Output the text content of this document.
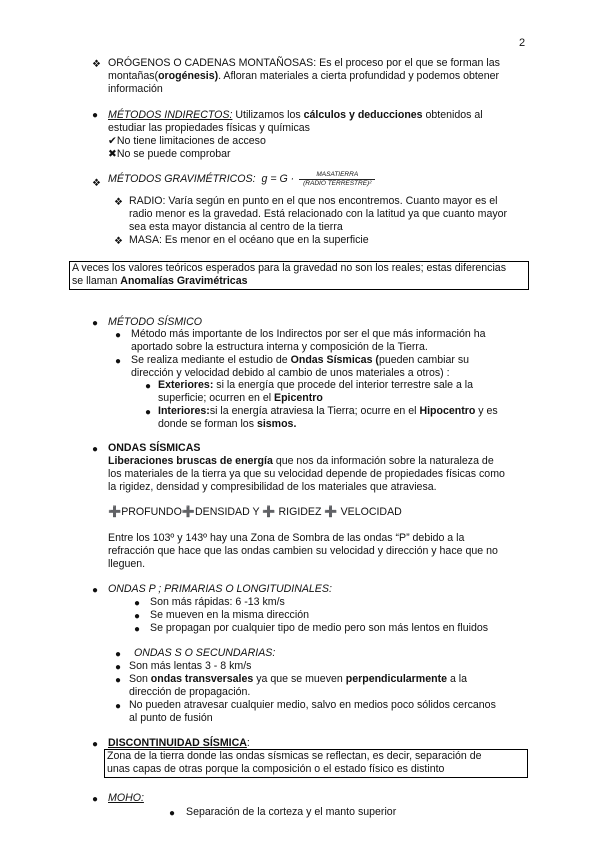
2
❖ ORÓGENOS O CADENAS MONTAÑOSAS: Es el proceso por el que se forman las
montañas(orogénesis). Afloran materiales a cierta profundidad y podemos obtener
información
● MÉTODOS INDIRECTOS: Utilizamos los cálculos y deducciones obtenidos al
estudiar las propiedades físicas y químicas
✔No tiene limitaciones de acceso
✖No se puede comprobar
❖ MÉTODOS GRAVIMÉTRICOS: $g = G \cdot \frac{\text{MASATIERRA}}{\text{(RADIO TERRESTRE)²}}$
❖ RADIO: Varía según en punto en el que nos encontremos. Cuanto mayor es el
radio menor es la gravedad. Está relacionado con la latitud ya que cuanto mayor
sea esta mayor distancia al centro de la tierra
❖ MASA: Es menor en el océano que en la superficie
A veces los valores teóricos esperados para la gravedad no son los reales; estas diferencias
se llaman Anomalías Gravimétricas
● MÉTODO SÍSMICO
● Método más importante de los Indirectos por ser el que más información ha
aportado sobre la estructura interna y composición de la Tierra.
● Se realiza mediante el estudio de Ondas Sísmicas (pueden cambiar su
dirección y velocidad debido al cambio de unos materiales a otros) :
● Exteriores: si la energía que procede del interior terrestre sale a la
superficie; ocurren en el Epicentro
● Interiores:si la energía atraviesa la Tierra; ocurre en el Hipocentro y es
donde se forman los sismos.
● ONDAS SÍSMICAS
Liberaciones bruscas de energía que nos da información sobre la naturaleza de
los materiales de la tierra ya que su velocidad depende de propiedades físicas como
la rigidez, densidad y compresibilidad de los materiales que atraviesa.
➕PROFUNDO➕DENSIDAD Y ➕ RIGIDEZ ➕ VELOCIDAD
Entre los 103º y 143º hay una Zona de Sombra de las ondas “P” debido a la
refracción que hace que las ondas cambien su velocidad y dirección y hace que no
lleguen.
● ONDAS P ; PRIMARIAS O LONGITUDINALES:
● Son más rápidas: 6 -13 km/s
● Se mueven en la misma dirección
● Se propagan por cualquier tipo de medio pero son más lentos en fluidos
● ONDAS S O SECUNDARIAS:
● Son más lentas 3 - 8 km/s
● Son ondas transversales ya que se mueven perpendicularmente a la
dirección de propagación.
● No pueden atravesar cualquier medio, salvo en medios poco sólidos cercanos
al punto de fusión
● DISCONTINUIDAD SÍSMICA:
Zona de la tierra donde las ondas sísmicas se reflectan, es decir, separación de
unas capas de otras porque la composición o el estado físico es distinto
● MOHO:
● Separación de la corteza y el manto superior
